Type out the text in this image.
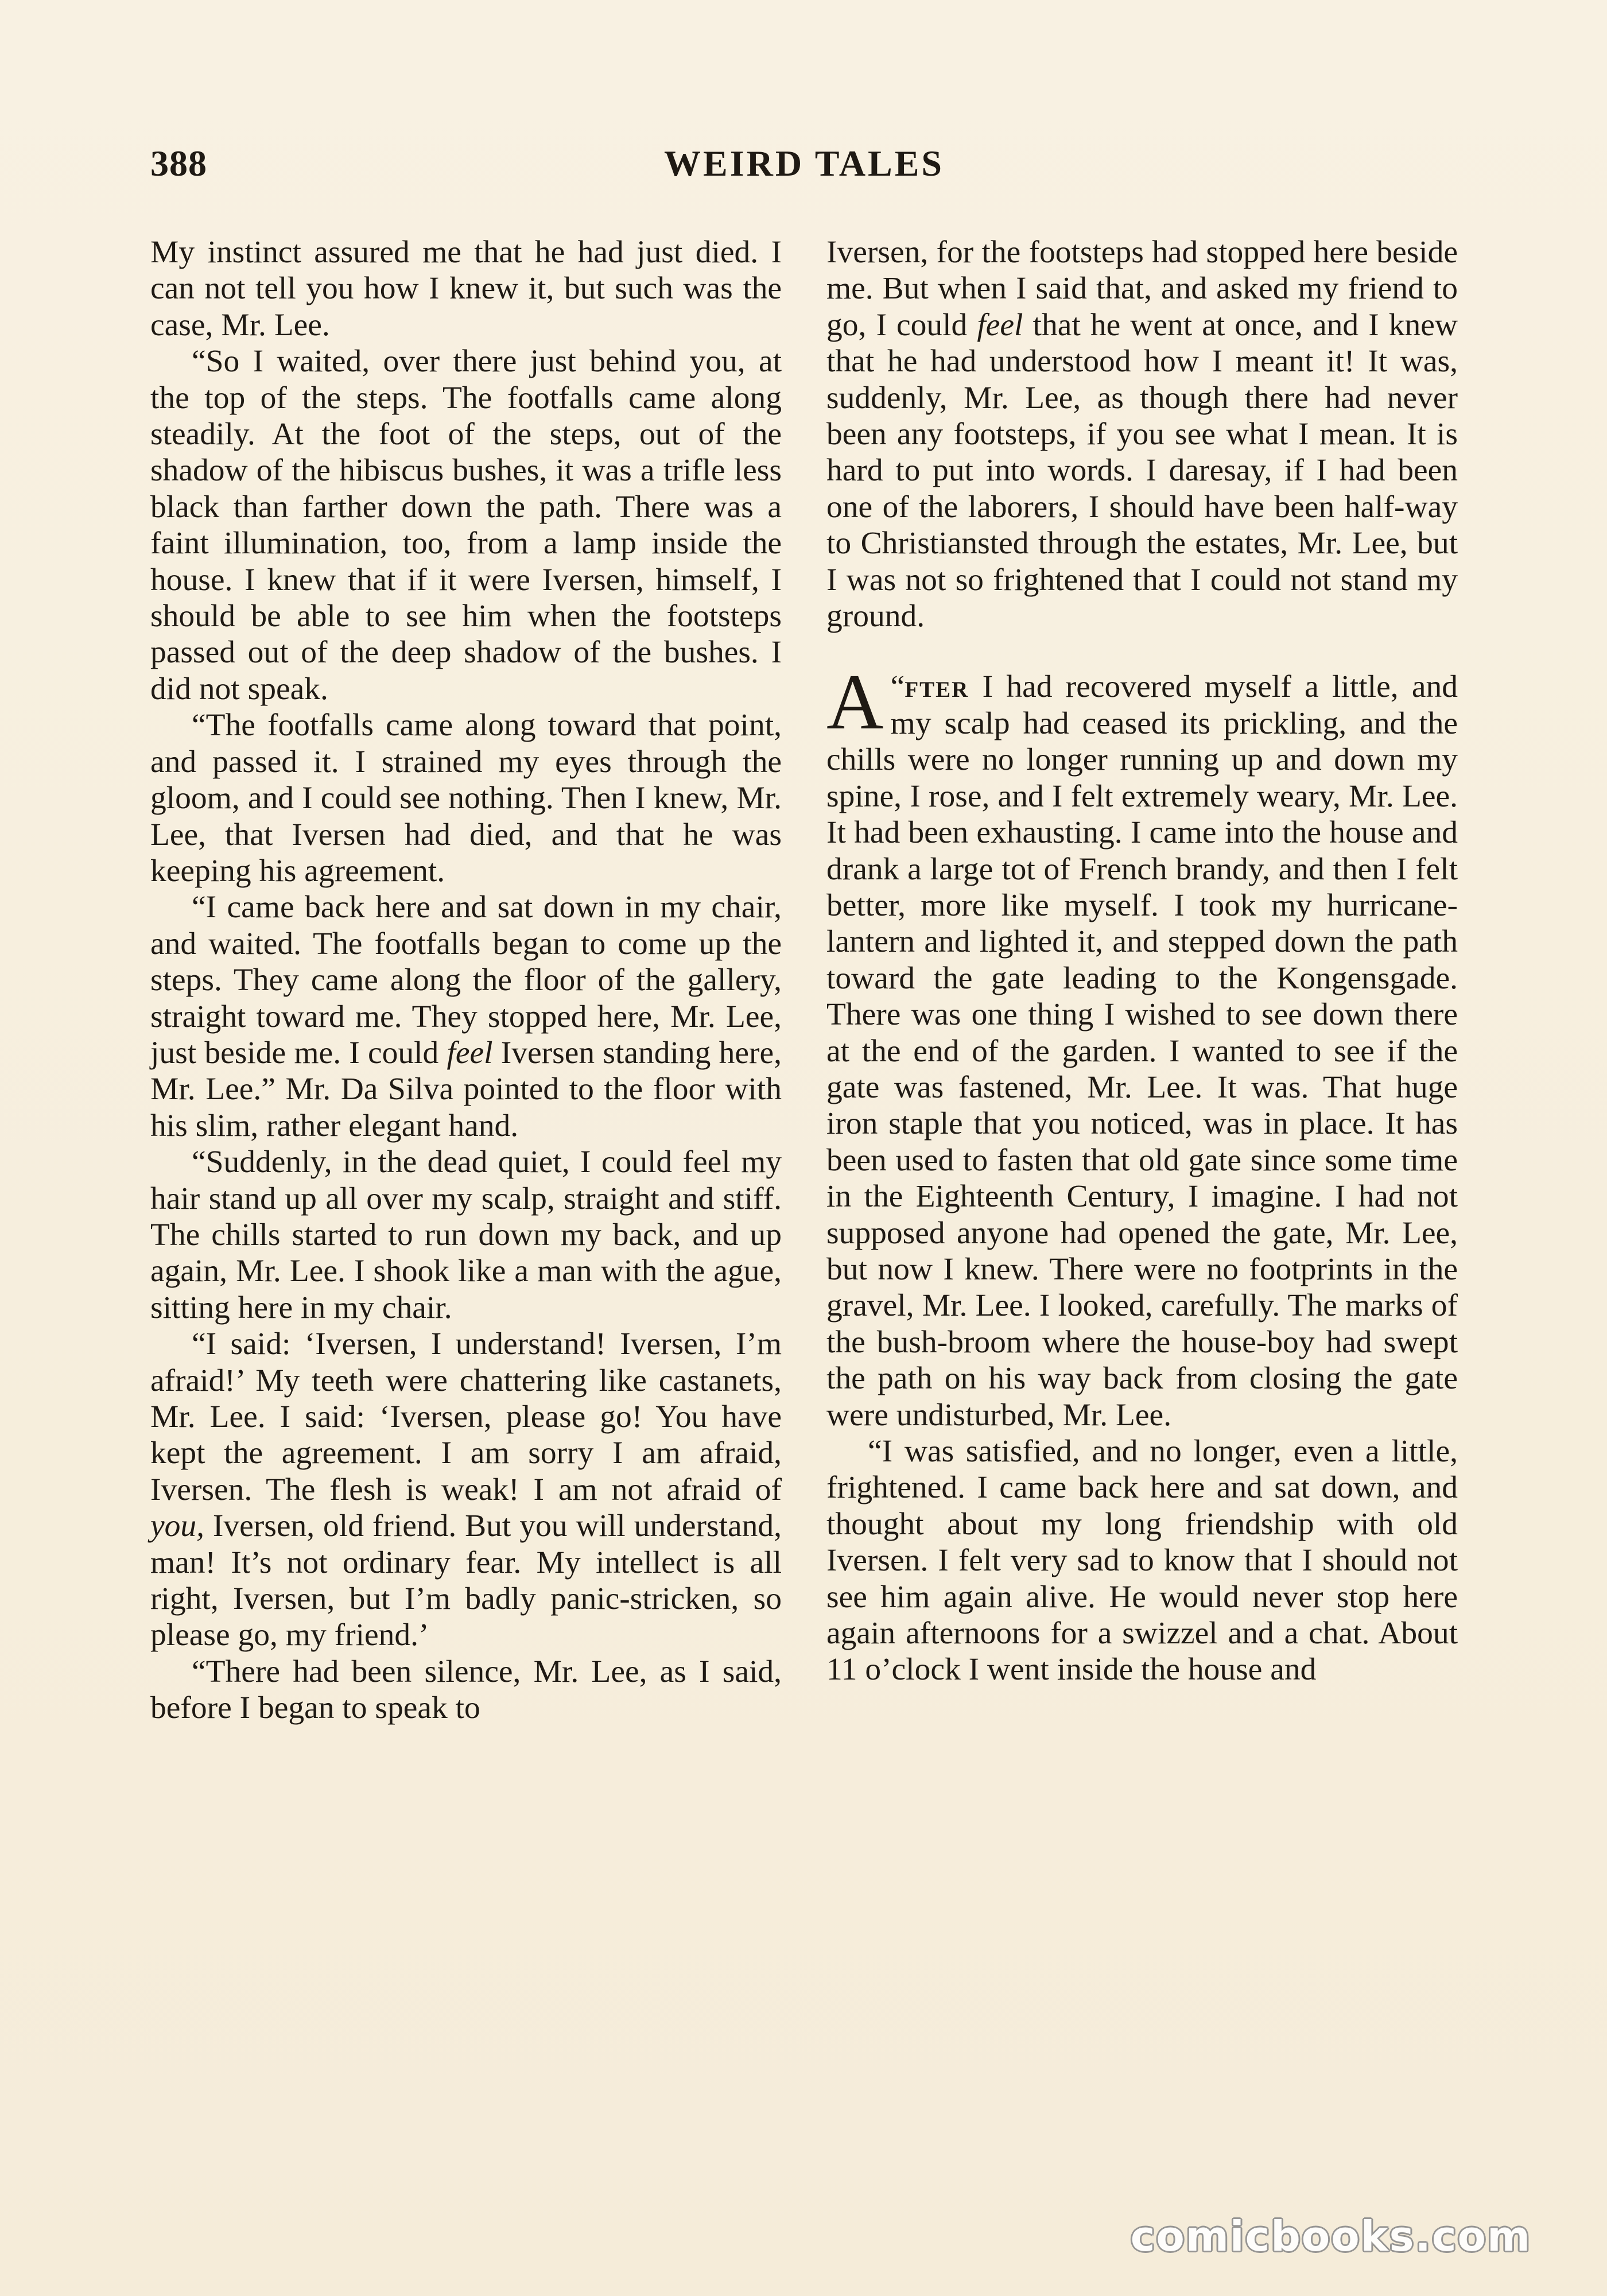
388	WEIRD TALES

My instinct assured me that he had just died. I can not tell you how I knew it, but such was the case, Mr. Lee.

“So I waited, over there just behind you, at the top of the steps. The footfalls came along steadily. At the foot of the steps, out of the shadow of the hibiscus bushes, it was a trifle less black than farther down the path. There was a faint illumination, too, from a lamp inside the house. I knew that if it were Iversen, himself, I should be able to see him when the footsteps passed out of the deep shadow of the bushes. I did not speak.

“The footfalls came along toward that point, and passed it. I strained my eyes through the gloom, and I could see nothing. Then I knew, Mr. Lee, that Iversen had died, and that he was keeping his agreement.

“I came back here and sat down in my chair, and waited. The footfalls began to come up the steps. They came along the floor of the gallery, straight toward me. They stopped here, Mr. Lee, just beside me. I could feel Iversen standing here, Mr. Lee.” Mr. Da Silva pointed to the floor with his slim, rather elegant hand.

“Suddenly, in the dead quiet, I could feel my hair stand up all over my scalp, straight and stiff. The chills started to run down my back, and up again, Mr. Lee. I shook like a man with the ague, sitting here in my chair.

“I said: ‘Iversen, I understand! Iversen, I’m afraid!’ My teeth were chattering like castanets, Mr. Lee. I said: ‘Iversen, please go! You have kept the agreement. I am sorry I am afraid, Iversen. The flesh is weak! I am not afraid of you, Iversen, old friend. But you will understand, man! It’s not ordinary fear. My intellect is all right, Iversen, but I’m badly panic-stricken, so please go, my friend.’

“There had been silence, Mr. Lee, as I said, before I began to speak to

Iversen, for the footsteps had stopped here beside me. But when I said that, and asked my friend to go, I could feel that he went at once, and I knew that he had understood how I meant it! It was, suddenly, Mr. Lee, as though there had never been any footsteps, if you see what I mean. It is hard to put into words. I daresay, if I had been one of the laborers, I should have been half-way to Christiansted through the estates, Mr. Lee, but I was not so frightened that I could not stand my ground.

“
A fter I had recovered myself a little, and my scalp had ceased its prickling, and the chills were no longer running up and down my spine, I rose, and I felt extremely weary, Mr. Lee. It had been exhausting. I came into the house and drank a large tot of French brandy, and then I felt better, more like myself. I took my hurricane-lantern and lighted it, and stepped down the path toward the gate leading to the Kongensgade. There was one thing I wished to see down there at the end of the garden. I wanted to see if the gate was fastened, Mr. Lee. It was. That huge iron staple that you noticed, was in place. It has been used to fasten that old gate since some time in the Eighteenth Century, I imagine. I had not supposed anyone had opened the gate, Mr. Lee, but now I knew. There were no footprints in the gravel, Mr. Lee. I looked, carefully. The marks of the bush-broom where the house-boy had swept the path on his way back from closing the gate were undisturbed, Mr. Lee.

“I was satisfied, and no longer, even a little, frightened. I came back here and sat down, and thought about my long friendship with old Iversen. I felt very sad to know that I should not see him again alive. He would never stop here again afternoons for a swizzel and a chat. About 11 o’clock I went inside the house and

comicbooks.com
